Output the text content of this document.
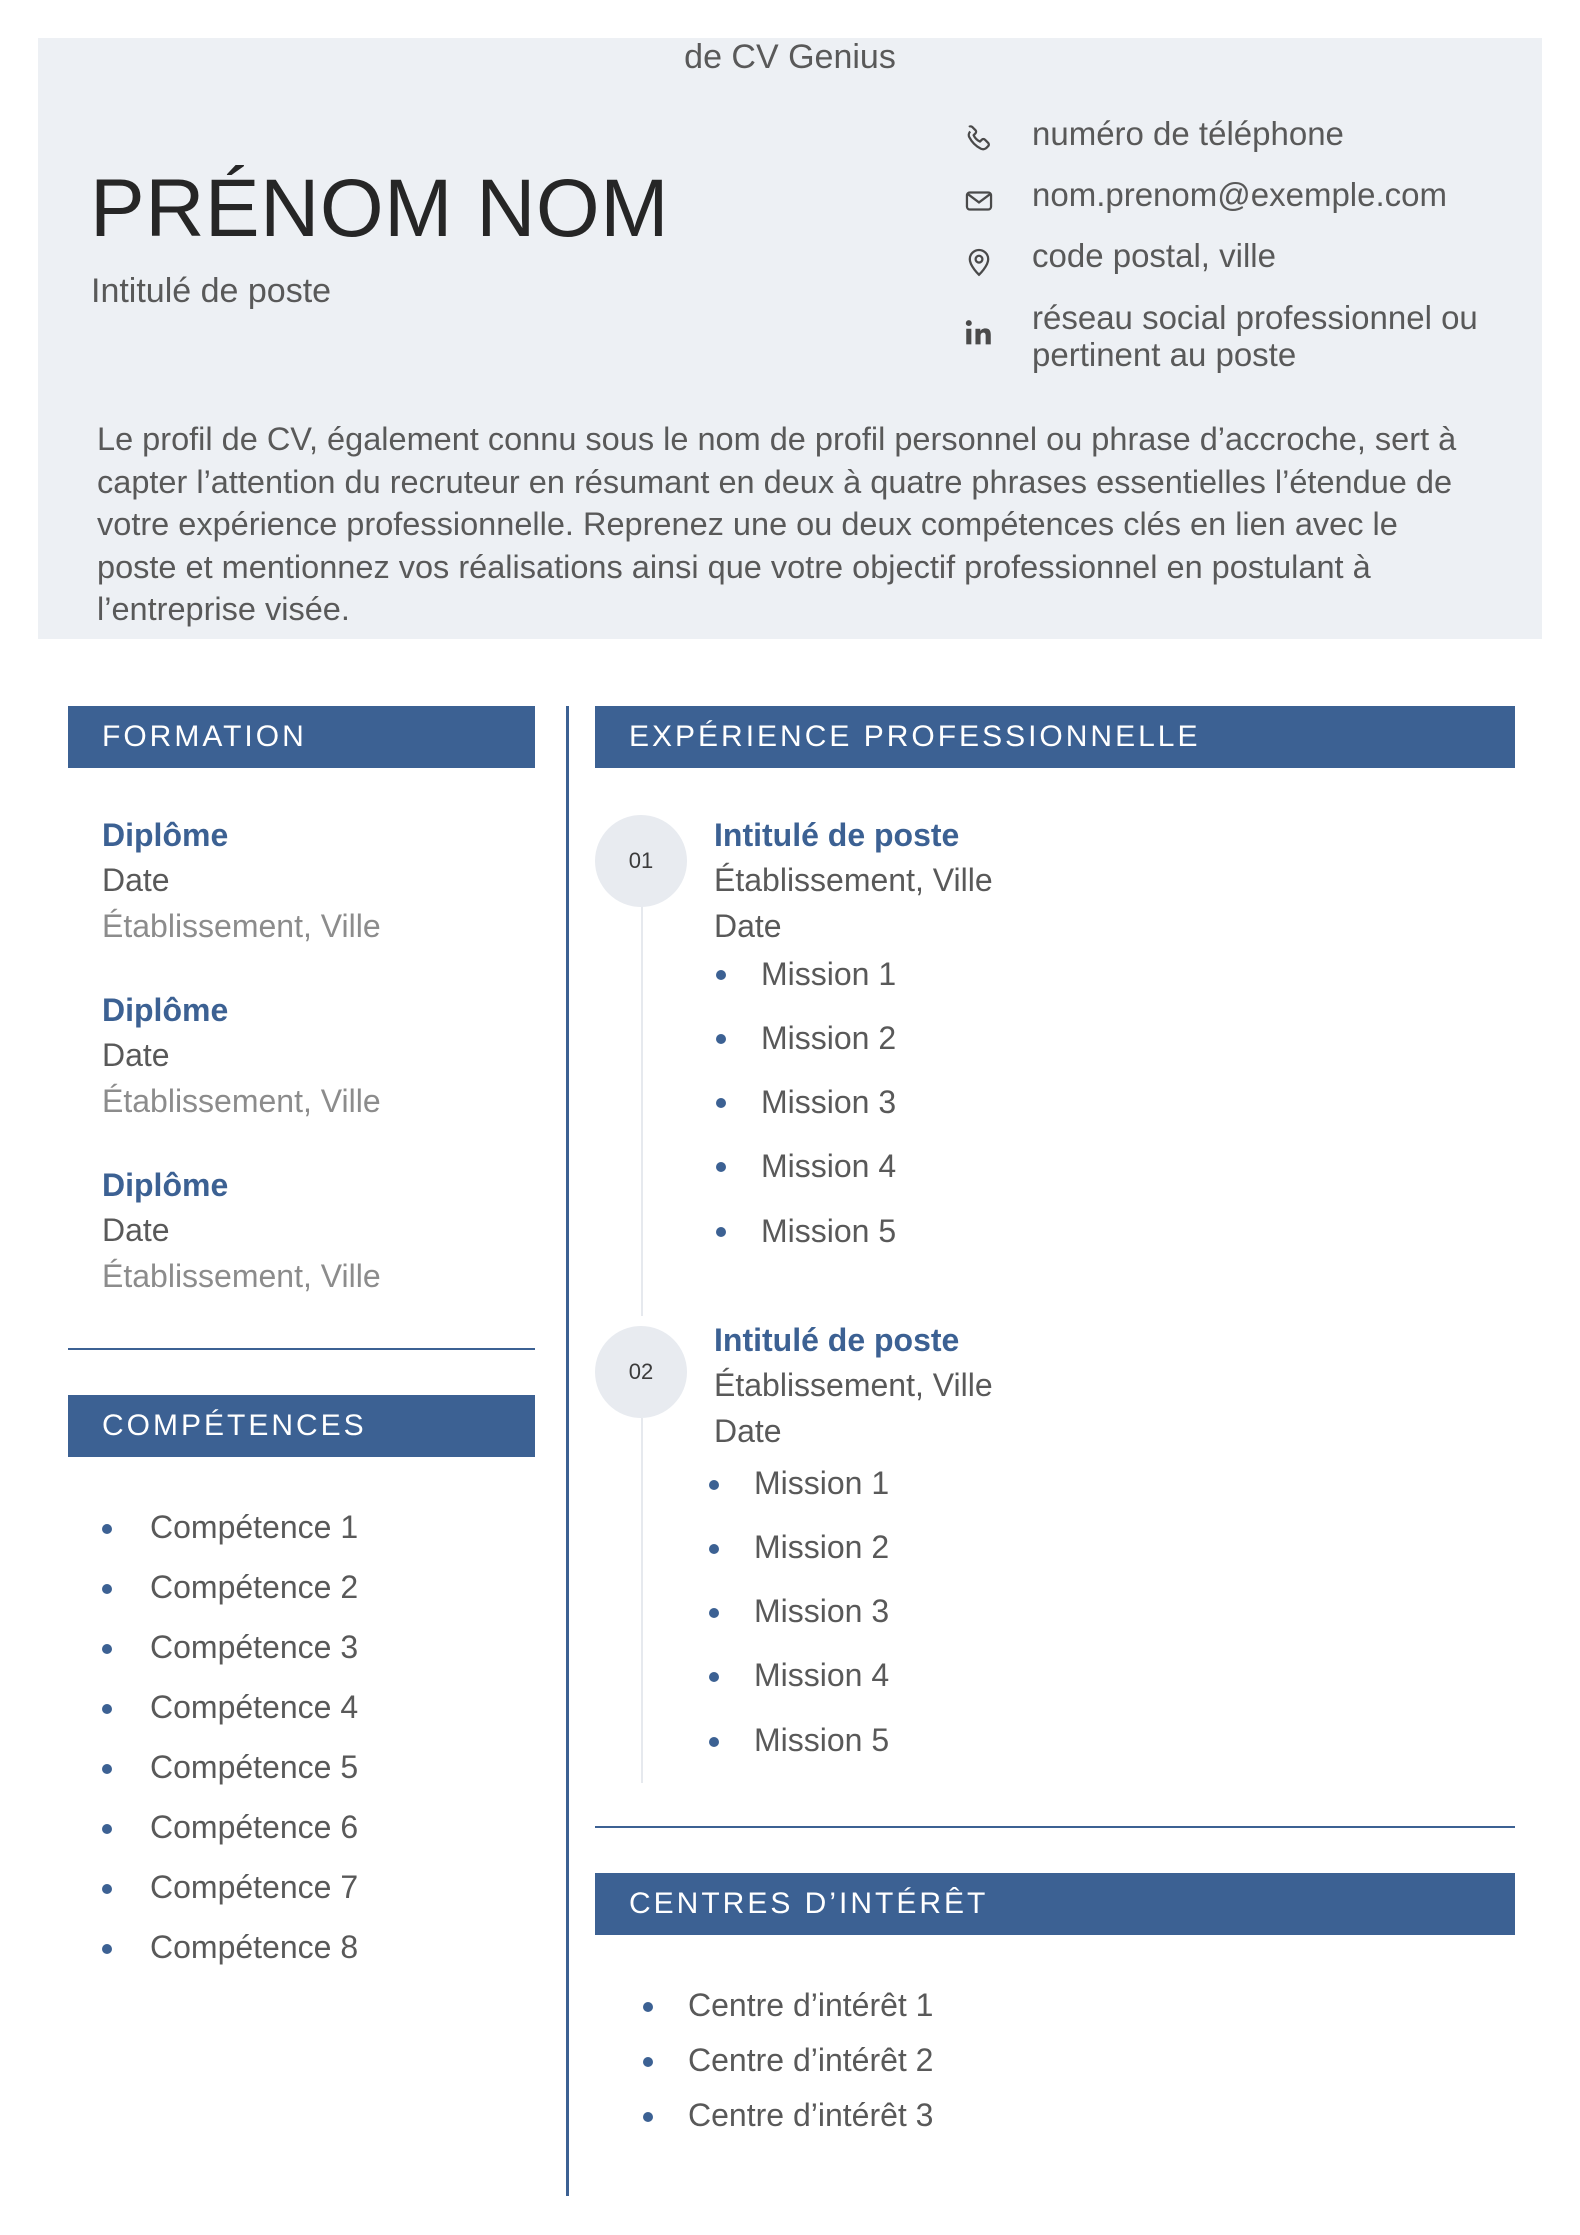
de CV Genius
PRÉNOM NOM
Intitulé de poste
numéro de téléphone
nom.prenom@exemple.com
code postal, ville
réseau social professionnel ou
pertinent au poste
Le profil de CV, également connu sous le nom de profil personnel ou phrase d’accroche, sert à capter l’attention du recruteur en résumant en deux à quatre phrases essentielles l’étendue de votre expérience professionnelle. Reprenez une ou deux compétences clés en lien avec le poste et mentionnez vos réalisations ainsi que votre objectif professionnel en postulant à l’entreprise visée.
FORMATION
Diplôme
Date
Établissement, Ville
Diplôme
Date
Établissement, Ville
Diplôme
Date
Établissement, Ville
COMPÉTENCES
Compétence 1
Compétence 2
Compétence 3
Compétence 4
Compétence 5
Compétence 6
Compétence 7
Compétence 8
EXPÉRIENCE PROFESSIONNELLE
01
Intitulé de poste
Établissement, Ville
Date
Mission 1
Mission 2
Mission 3
Mission 4
Mission 5
02
Intitulé de poste
Établissement, Ville
Date
Mission 1
Mission 2
Mission 3
Mission 4
Mission 5
CENTRES D’INTÉRÊT
Centre d’intérêt 1
Centre d’intérêt 2
Centre d’intérêt 3
